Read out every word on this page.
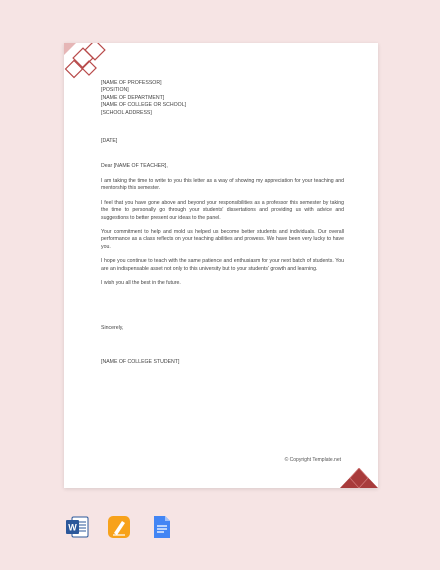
[NAME OF PROFESSOR]
[POSITION]
[NAME OF DEPARTMENT]
[NAME OF COLLEGE OR SCHOOL]
[SCHOOL ADDRESS]
[DATE]
Dear [NAME OF TEACHER],

I am taking the time to write to you this letter as a way of showing my appreciation for your teaching and mentorship this semester.

I feel that you have gone above and beyond your responsibilities as a professor this semester by taking the time to personally go through your students' dissertations and providing us with advice and suggestions to better present our ideas to the panel.

Your commitment to help and mold us helped us become better students and individuals. Our overall performance as a class reflects on your teaching abilities and prowess. We have been very lucky to have you.

I hope you continue to teach with the same patience and enthusiasm for your next batch of students. You are an indispensable asset not only to this university but to your students' growth and learning.

I wish you all the best in the future.

Sincerely,
[NAME OF COLLEGE STUDENT]
© Copyright Template.net
W
